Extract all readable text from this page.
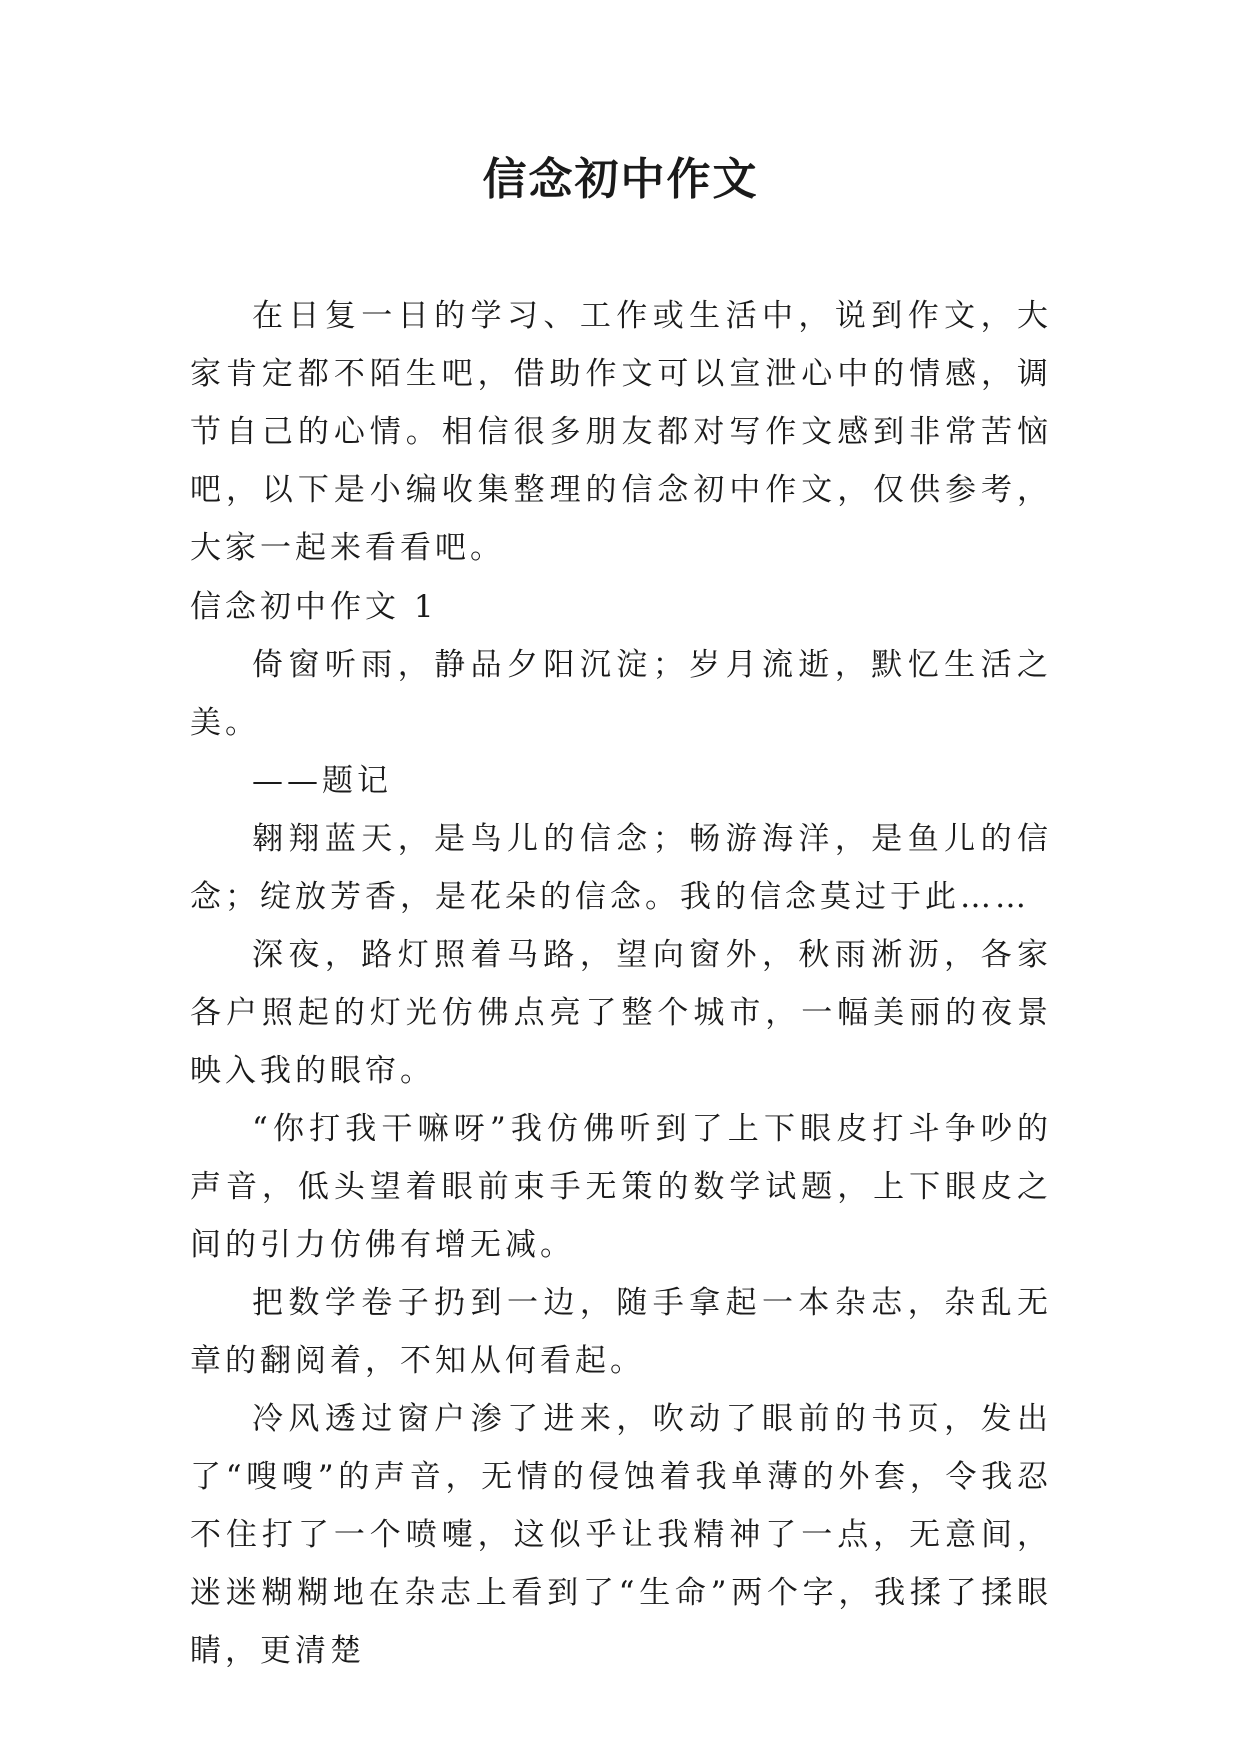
信念初中作文

在日复一日的学习、工作或生活中，说到作文，大家肯定都不陌生吧，借助作文可以宣泄心中的情感，调节自己的心情。相信很多朋友都对写作文感到非常苦恼吧，以下是小编收集整理的信念初中作文，仅供参考，大家一起来看看吧。

信念初中作文 1

倚窗听雨，静品夕阳沉淀；岁月流逝，默忆生活之美。

——题记

翱翔蓝天，是鸟儿的信念；畅游海洋，是鱼儿的信念；绽放芳香，是花朵的信念。我的信念莫过于此……

深夜，路灯照着马路，望向窗外，秋雨淅沥，各家各户照起的灯光仿佛点亮了整个城市，一幅美丽的夜景映入我的眼帘。

“你打我干嘛呀”我仿佛听到了上下眼皮打斗争吵的声音，低头望着眼前束手无策的数学试题，上下眼皮之间的引力仿佛有增无减。

把数学卷子扔到一边，随手拿起一本杂志，杂乱无章的翻阅着，不知从何看起。

冷风透过窗户渗了进来，吹动了眼前的书页，发出了“嗖嗖”的声音，无情的侵蚀着我单薄的外套，令我忍不住打了一个喷嚏，这似乎让我精神了一点，无意间，迷迷糊糊地在杂志上看到了“生命”两个字，我揉了揉眼睛，更清楚
